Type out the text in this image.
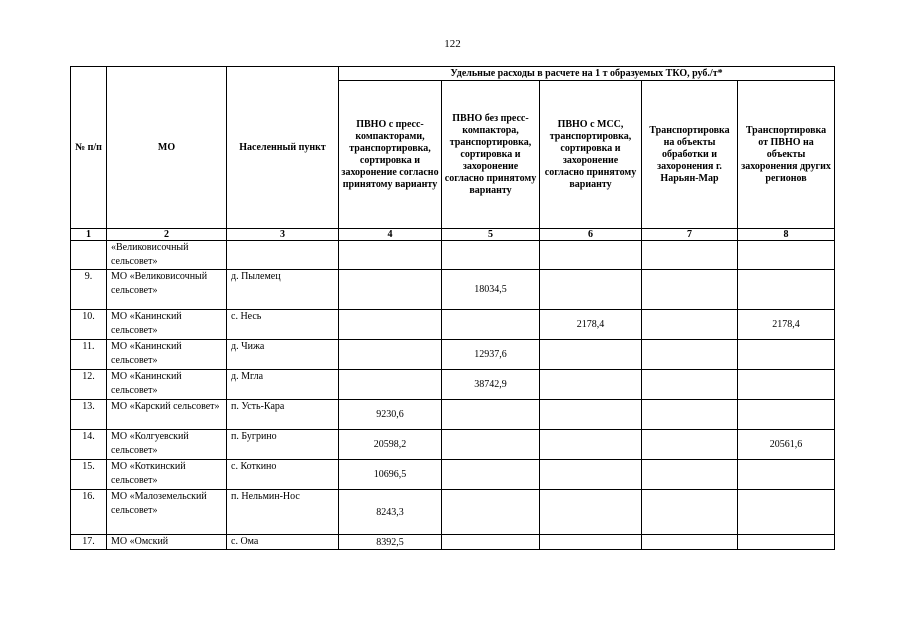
122
№ п/п	МО	Населенный пункт	Удельные расходы в расчете на 1 т образуемых ТКО, руб./т*				
			ПВНО с пресс-компакторами, транспортировка, сортировка и захоронение согласно принятому варианту	ПВНО без пресс-компактора, транспортировка, сортировка и захоронение согласно принятому варианту	ПВНО с МСС, транспортировка, сортировка и захоронение согласно принятому варианту	Транспортировка на объекты обработки и захоронения г. Нарьян-Мар	Транспортировка от ПВНО на объекты захоронения других регионов
1	2	3	4	5	6	7	8
	«Великовисочный сельсовет»						
9.	МО «Великовисочный сельсовет»	д. Пылемец		18034,5			
10.	МО «Канинский сельсовет»	с. Несь			2178,4		2178,4
11.	МО «Канинский сельсовет»	д. Чижа		12937,6			
12.	МО «Канинский сельсовет»	д. Мгла		38742,9			
13.	МО «Карский сельсовет»	п. Усть-Кара	9230,6				
14.	МО «Колгуевский сельсовет»	п. Бугрино	20598,2				20561,6
15.	МО «Коткинский сельсовет»	с. Коткино	10696,5				
16.	МО «Малоземельский сельсовет»	п. Нельмин-Нос	8243,3				
17.	МО «Омский	с. Ома	8392,5				
